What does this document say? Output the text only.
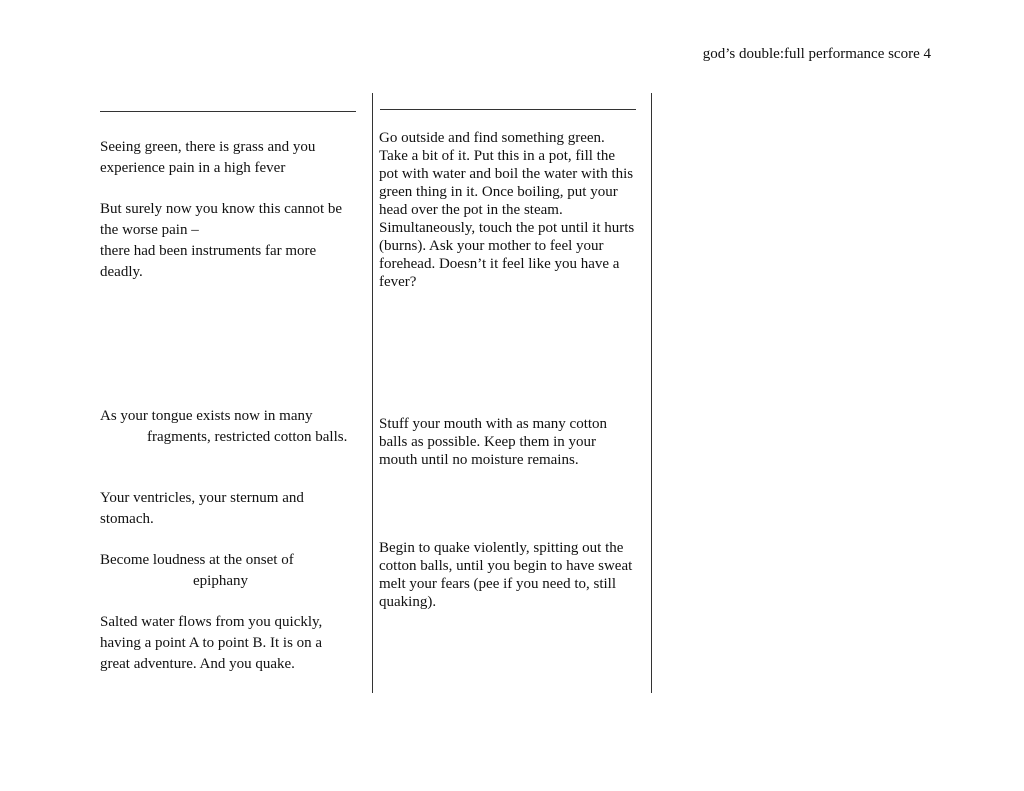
god’s double:full performance score 4

Seeing green, there is grass and you
experience pain in a high fever

But surely now you know this cannot be
the worse pain –
there had been instruments far more
deadly.

As your tongue exists now in many
fragments, restricted cotton balls.

Your ventricles, your sternum and
stomach.

Become loudness at the onset of
epiphany

Salted water flows from you quickly,
having a point A to point B. It is on a
great adventure. And you quake.

Go outside and find something green.
Take a bit of it. Put this in a pot, fill the
pot with water and boil the water with this
green thing in it. Once boiling, put your
head over the pot in the steam.
Simultaneously, touch the pot until it hurts
(burns). Ask your mother to feel your
forehead. Doesn’t it feel like you have a
fever?

Stuff your mouth with as many cotton
balls as possible. Keep them in your
mouth until no moisture remains.

Begin to quake violently, spitting out the
cotton balls, until you begin to have sweat
melt your fears (pee if you need to, still
quaking).
